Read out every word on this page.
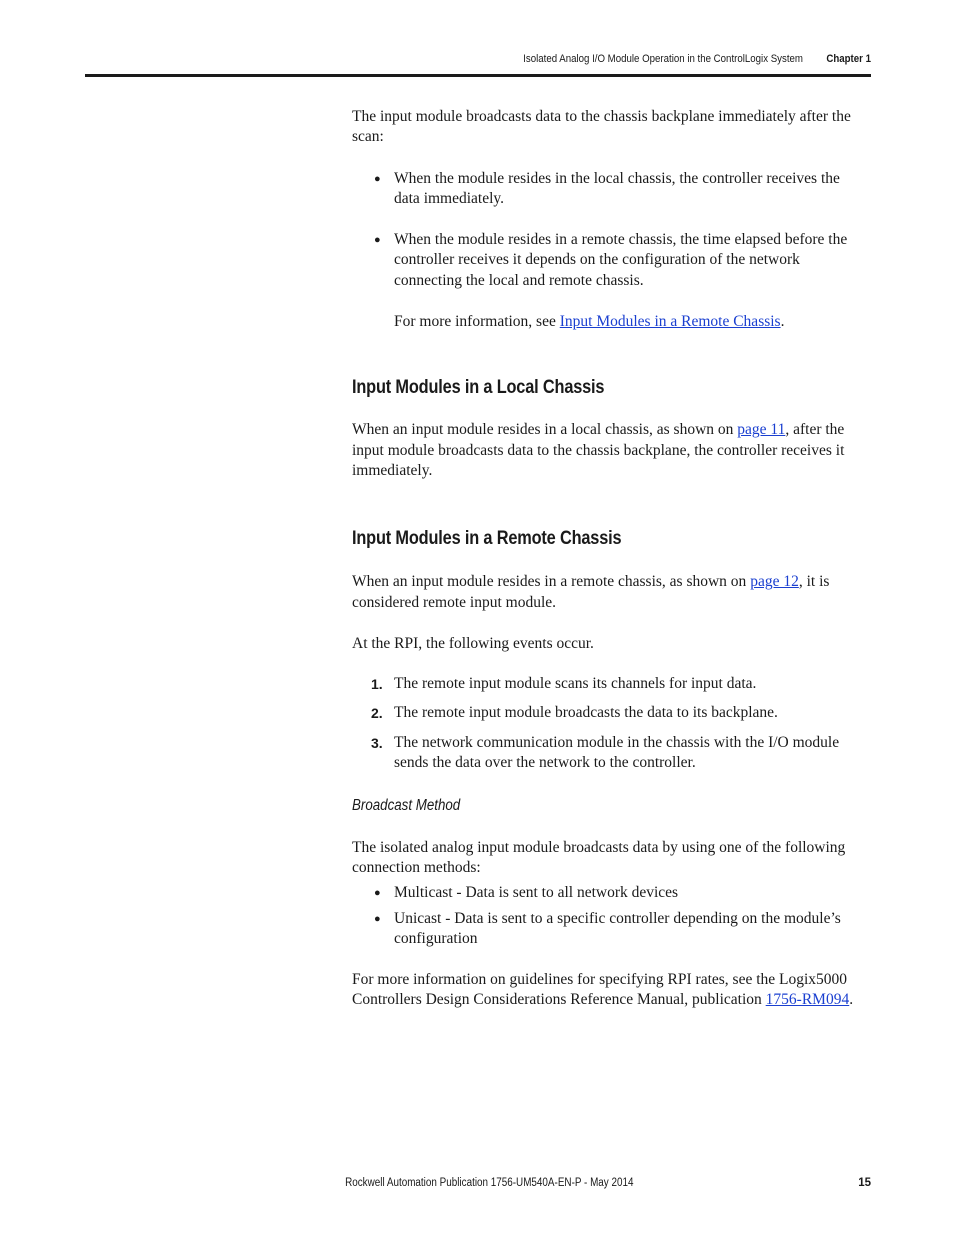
Isolated Analog I/O Module Operation in the ControlLogix System	Chapter 1

The input module broadcasts data to the chassis backplane immediately after the scan:

● When the module resides in the local chassis, the controller receives the data immediately.
● When the module resides in a remote chassis, the time elapsed before the controller receives it depends on the configuration of the network connecting the local and remote chassis.

For more information, see Input Modules in a Remote Chassis.

Input Modules in a Local Chassis

When an input module resides in a local chassis, as shown on page 11, after the input module broadcasts data to the chassis backplane, the controller receives it immediately.

Input Modules in a Remote Chassis

When an input module resides in a remote chassis, as shown on page 12, it is considered remote input module.

At the RPI, the following events occur.

1. The remote input module scans its channels for input data.
2. The remote input module broadcasts the data to its backplane.
3. The network communication module in the chassis with the I/O module sends the data over the network to the controller.
Broadcast Method

The isolated analog input module broadcasts data by using one of the following connection methods:

● Multicast - Data is sent to all network devices
● Unicast - Data is sent to a specific controller depending on the module’s configuration

For more information on guidelines for specifying RPI rates, see the Logix5000 Controllers Design Considerations Reference Manual, publication 1756-RM094.

Rockwell Automation Publication 1756-UM540A-EN-P - May 2014	15
